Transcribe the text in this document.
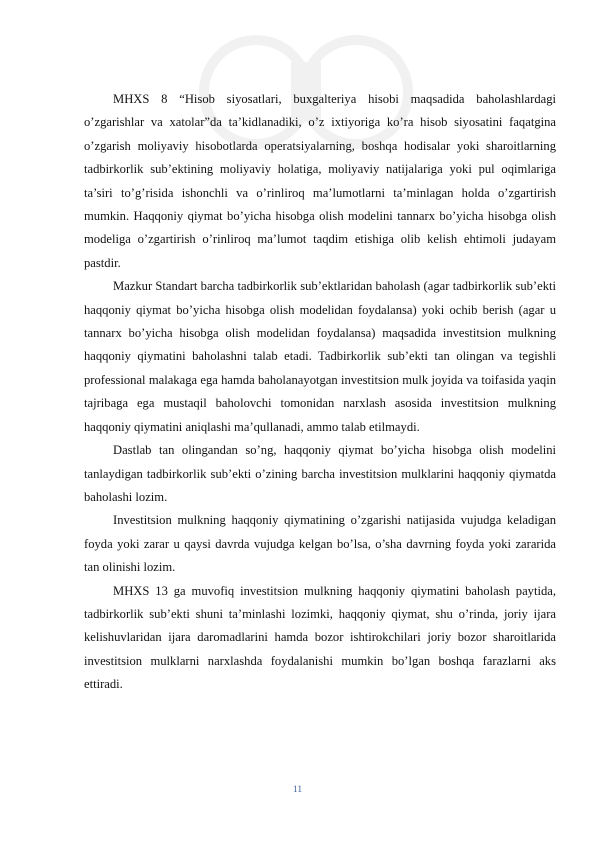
MHXS 8 “Hisob siyosatlari, buxgalteriya hisobi maqsadida baholashlardagi o’zgarishlar va xatolar”da ta’kidlanadiki, o’z ixtiyoriga ko’ra hisob siyosatini faqatgina o’zgarish moliyaviy hisobotlarda operatsiyalarning, boshqa hodisalar yoki sharoitlarning tadbirkorlik sub’ektining moliyaviy holatiga, moliyaviy natijalariga yoki pul oqimlariga ta’siri to’g’risida ishonchli va o’rinliroq ma’lumotlarni ta’minlagan holda o’zgartirish mumkin. Haqqoniy qiymat bo’yicha hisobga olish modelini tannarx bo’yicha hisobga olish modeliga o’zgartirish o’rinliroq ma’lumot taqdim etishiga olib kelish ehtimoli judayam pastdir.

Mazkur Standart barcha tadbirkorlik sub’ektlaridan baholash (agar tadbirkorlik sub’ekti haqqoniy qiymat bo’yicha hisobga olish modelidan foydalansa) yoki ochib berish (agar u tannarx bo’yicha hisobga olish modelidan foydalansa) maqsadida investitsion mulkning haqqoniy qiymatini baholashni talab etadi. Tadbirkorlik sub’ekti tan olingan va tegishli professional malakaga ega hamda baholanayotgan investitsion mulk joyida va toifasida yaqin tajribaga ega mustaqil baholovchi tomonidan narxlash asosida investitsion mulkning haqqoniy qiymatini aniqlashi ma’qullanadi, ammo talab etilmaydi.

Dastlab tan olingandan so’ng, haqqoniy qiymat bo’yicha hisobga olish modelini tanlaydigan tadbirkorlik sub’ekti o’zining barcha investitsion mulklarini haqqoniy qiymatda baholashi lozim.

Investitsion mulkning haqqoniy qiymatining o’zgarishi natijasida vujudga keladigan foyda yoki zarar u qaysi davrda vujudga kelgan bo’lsa, o’sha davrning foyda yoki zararida tan olinishi lozim.

MHXS 13 ga muvofiq investitsion mulkning haqqoniy qiymatini baholash paytida, tadbirkorlik sub’ekti shuni ta’minlashi lozimki, haqqoniy qiymat, shu o’rinda, joriy ijara kelishuvlaridan ijara daromadlarini hamda bozor ishtirokchilari joriy bozor sharoitlarida investitsion mulklarni narxlashda foydalanishi mumkin bo’lgan boshqa farazlarni aks ettiradi.

11
